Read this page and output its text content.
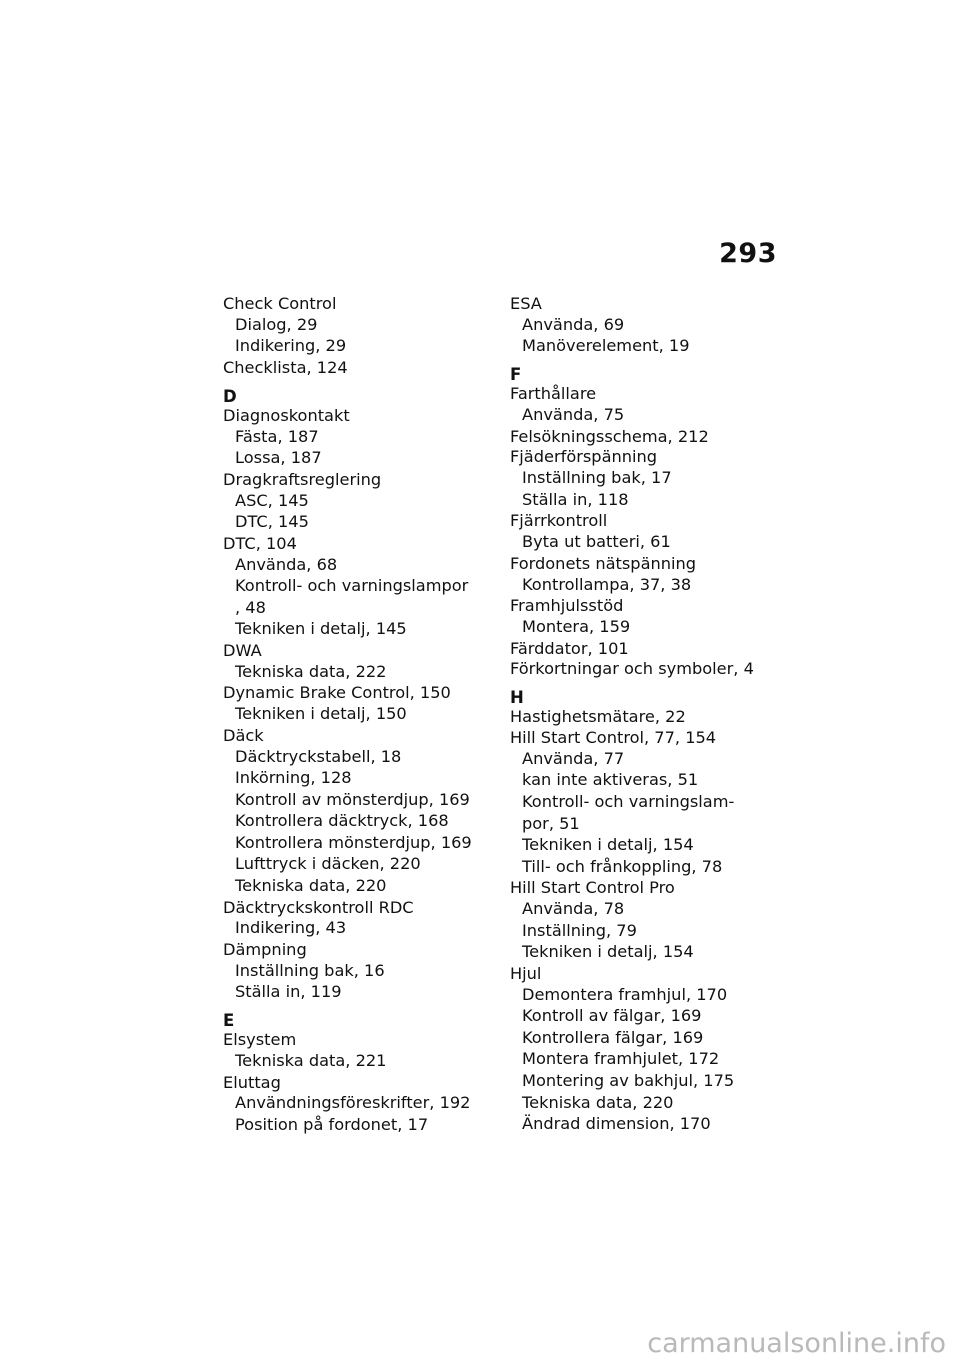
293
Check Control
Dialog, 29
Indikering, 29
Checklista, 124
D
Diagnoskontakt
Fästa, 187
Lossa, 187
Dragkraftsreglering
ASC, 145
DTC, 145
DTC, 104
Använda, 68
Kontroll- och varningslampor
, 48
Tekniken i detalj, 145
DWA
Tekniska data, 222
Dynamic Brake Control, 150
Tekniken i detalj, 150
Däck
Däcktryckstabell, 18
Inkörning, 128
Kontroll av mönsterdjup, 169
Kontrollera däcktryck, 168
Kontrollera mönsterdjup, 169
Lufttryck i däcken, 220
Tekniska data, 220
Däcktryckskontroll RDC
Indikering, 43
Dämpning
Inställning bak, 16
Ställa in, 119
E
Elsystem
Tekniska data, 221
Eluttag
Användningsföreskrifter, 192
Position på fordonet, 17
ESA
Använda, 69
Manöverelement, 19
F
Farthållare
Använda, 75
Felsökningsschema, 212
Fjäderförspänning
Inställning bak, 17
Ställa in, 118
Fjärrkontroll
Byta ut batteri, 61
Fordonets nätspänning
Kontrollampa, 37, 38
Framhjulsstöd
Montera, 159
Färddator, 101
Förkortningar och symboler, 4
H
Hastighetsmätare, 22
Hill Start Control, 77, 154
Använda, 77
kan inte aktiveras, 51
Kontroll- och varningslam-
por, 51
Tekniken i detalj, 154
Till- och frånkoppling, 78
Hill Start Control Pro
Använda, 78
Inställning, 79
Tekniken i detalj, 154
Hjul
Demontera framhjul, 170
Kontroll av fälgar, 169
Kontrollera fälgar, 169
Montera framhjulet, 172
Montering av bakhjul, 175
Tekniska data, 220
Ändrad dimension, 170
carmanualsonline.info
